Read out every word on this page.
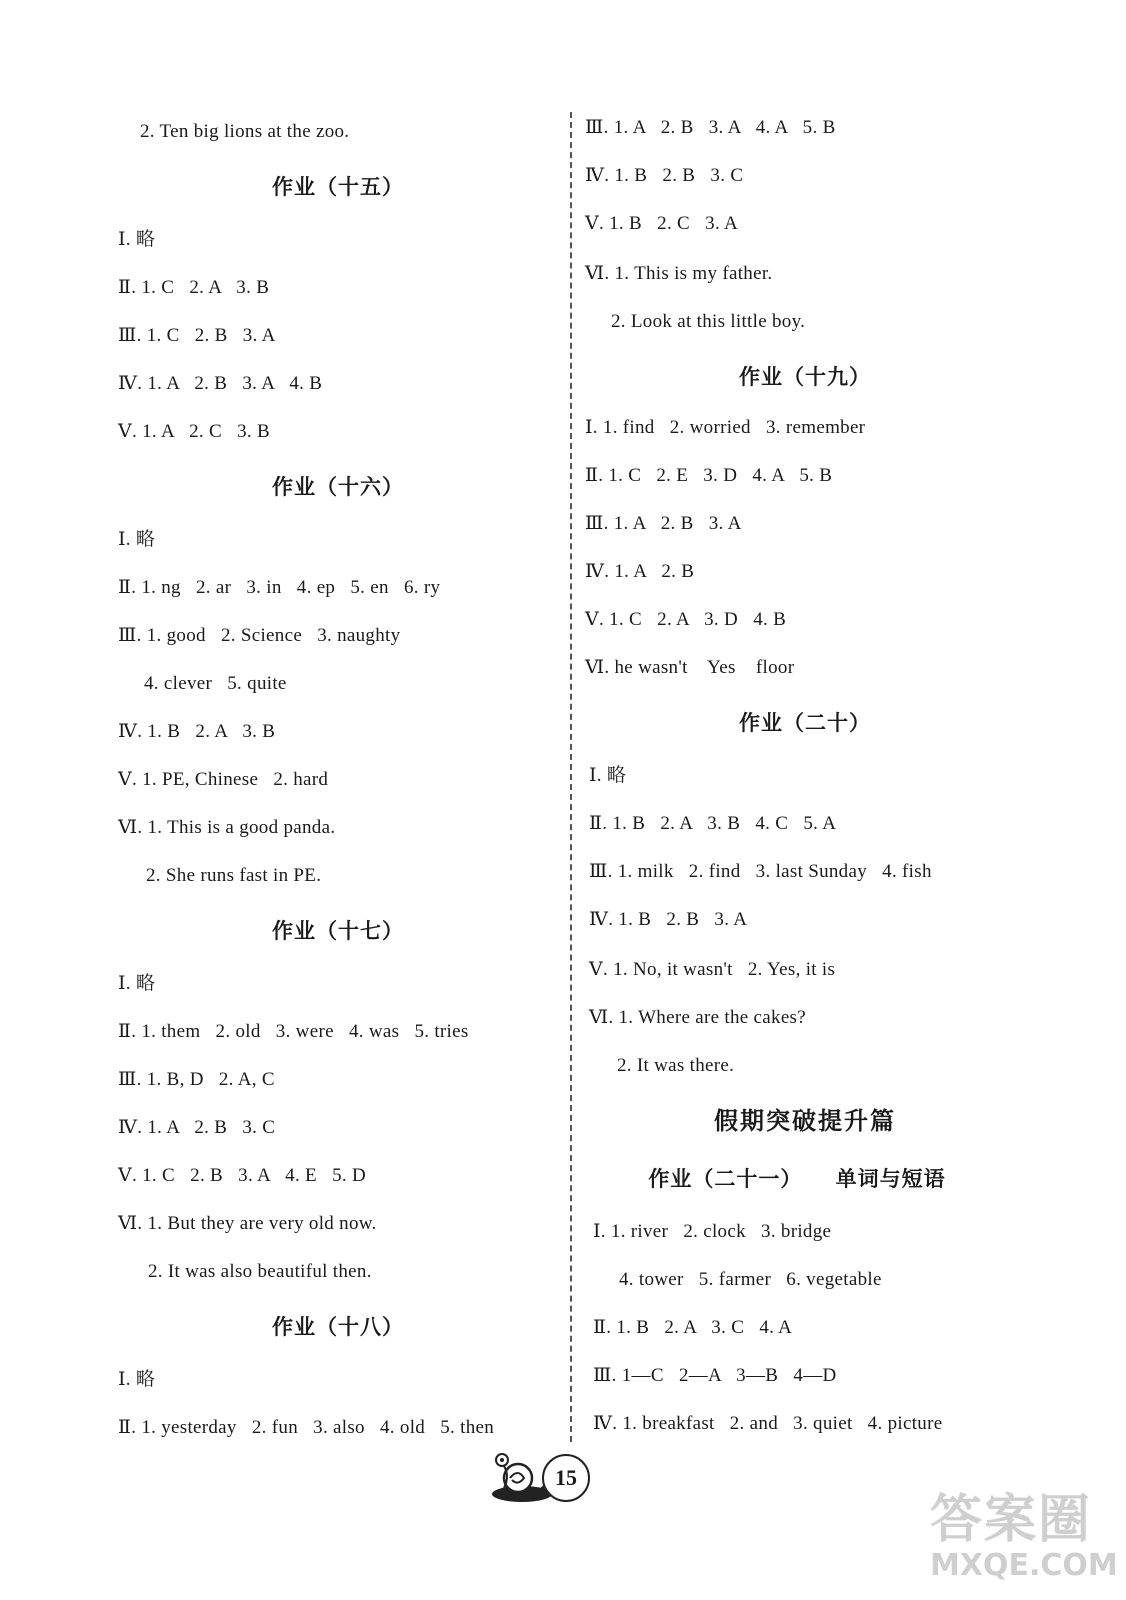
2. Ten big lions at the zoo.
作业（十五）
Ⅰ. 略
Ⅱ. 1. C   2. A   3. B
Ⅲ. 1. C   2. B   3. A
Ⅳ. 1. A   2. B   3. A   4. B
Ⅴ. 1. A   2. C   3. B
作业（十六）
Ⅰ. 略
Ⅱ. 1. ng   2. ar   3. in   4. ep   5. en   6. ry
Ⅲ. 1. good   2. Science   3. naughty
4. clever   5. quite
Ⅳ. 1. B   2. A   3. B
Ⅴ. 1. PE, Chinese   2. hard
Ⅵ. 1. This is a good panda.
2. She runs fast in PE.
作业（十七）
Ⅰ. 略
Ⅱ. 1. them   2. old   3. were   4. was   5. tries
Ⅲ. 1. B, D   2. A, C
Ⅳ. 1. A   2. B   3. C
Ⅴ. 1. C   2. B   3. A   4. E   5. D
Ⅵ. 1. But they are very old now.
2. It was also beautiful then.
作业（十八）
Ⅰ. 略
Ⅱ. 1. yesterday   2. fun   3. also   4. old   5. then
Ⅲ. 1. A   2. B   3. A   4. A   5. B
Ⅳ. 1. B   2. B   3. C
Ⅴ. 1. B   2. C   3. A
Ⅵ. 1. This is my father.
2. Look at this little boy.
作业（十九）
Ⅰ. 1. find   2. worried   3. remember
Ⅱ. 1. C   2. E   3. D   4. A   5. B
Ⅲ. 1. A   2. B   3. A
Ⅳ. 1. A   2. B
Ⅴ. 1. C   2. A   3. D   4. B
Ⅵ. he wasn't    Yes    floor
作业（二十）
Ⅰ. 略
Ⅱ. 1. B   2. A   3. B   4. C   5. A
Ⅲ. 1. milk   2. find   3. last Sunday   4. fish
Ⅳ. 1. B   2. B   3. A
Ⅴ. 1. No, it wasn't   2. Yes, it is
Ⅵ. 1. Where are the cakes?
2. It was there.
假期突破提升篇
作业（二十一）    单词与短语
Ⅰ. 1. river   2. clock   3. bridge
4. tower   5. farmer   6. vegetable
Ⅱ. 1. B   2. A   3. C   4. A
Ⅲ. 1—C   2—A   3—B   4—D
Ⅳ. 1. breakfast   2. and   3. quiet   4. picture
15
答案圈
MXQE.COM
